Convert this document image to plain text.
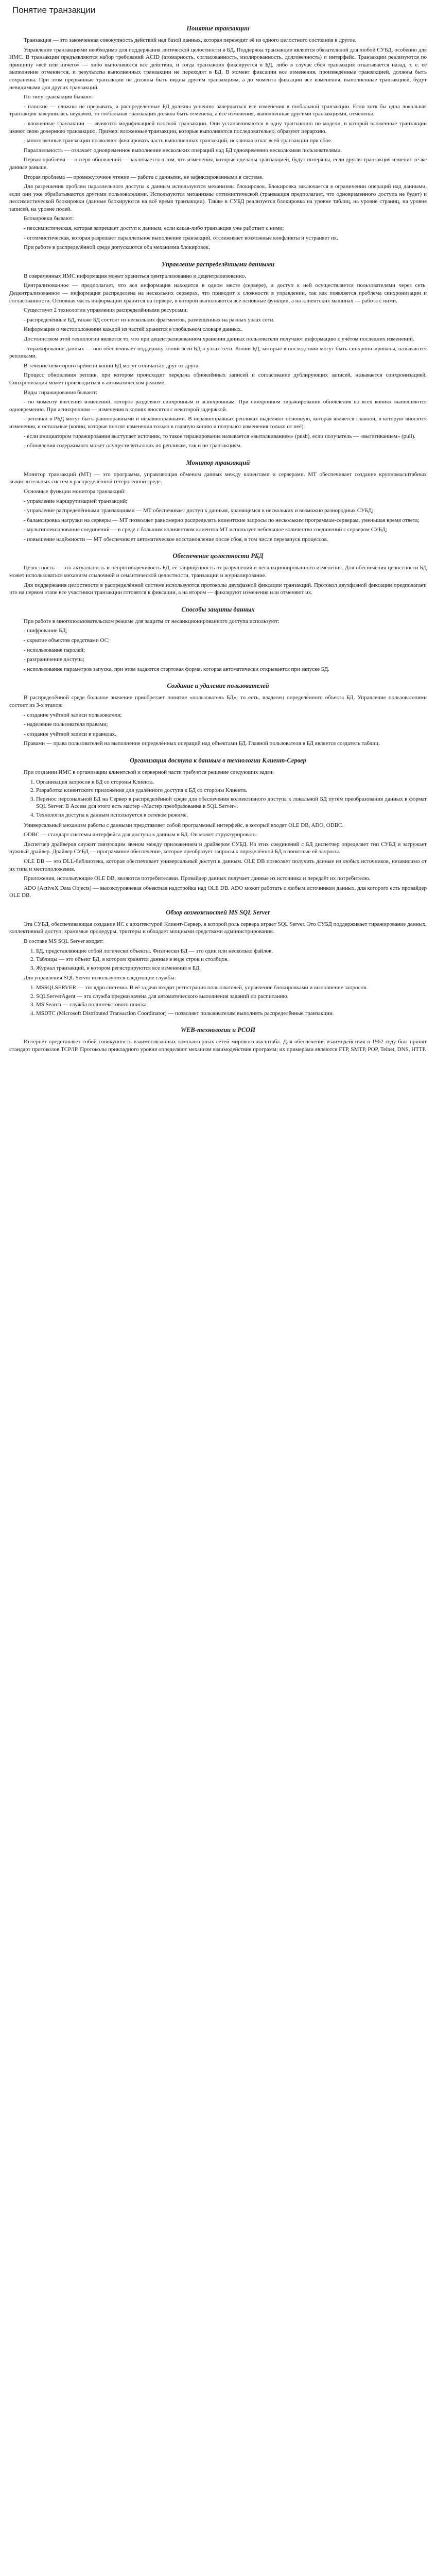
Понятие транзакции
Понятие транзакции

Транзакция — это законченная совокупность действий над базой данных, которая переводит её из одного целостного состояния в другое.

Управление транзакциями необходимо для поддержания логической целостности в БД. Поддержка транзакции является обязательной для любой СУБД, особенно для ИМС. В транзакции предъявляются набор требований ACID (атомарность, согласованность, изолированность, долговечность) и интерфейс. Транзакции реализуются по принципу «всё или ничего» — либо выполняются все действия, и тогда транзакция фиксируется в БД, либо в случае сбоя транзакция откатывается назад, т. е. её выполнение отменяется, и результаты выполненных транзакции не переходят в БД. В момент фиксации все изменения, произведённые транзакцией, должны быть сохранены. При этом прерванные транзакции не должны быть видны другим транзакциям, а до момента фиксации все изменения, выполненные транзакцией, будут невидимыми для других транзакций.

По типу транзакции бывают:

- плоские — сложны не прерывать, а распределённые БД должны успешно завершаться все изменения в глобальной транзакции. Если хотя бы одна локальная транзакция завершилась неудачей, то глобальная транзакция должна быть отменена, а все изменения, выполненные другими транзакциями, отменены.

- вложенные транзакции — являются модификацией плоской транзакции. Они устанавливаются в одну транзакцию по модели, в которой вложенные транзакции имеют свою дочернюю транзакцию. Пример: вложенные транзакции, которые выполняются последовательно, образуют иерархию.

- многозвенные транзакции позволяют фиксировать часть выполненных транзакций, исключая откат всей транзакции при сбое.

Параллельность — означает одновременное выполнение нескольких операций над БД одновременно несколькими пользователями.

Первая проблема — потеря обновлений — заключается в том, что изменения, которые сделаны транзакцией, будут потеряны, если другая транзакция изменит те же данные раньше.

Вторая проблема — промежуточное чтение — работа с данными, не зафиксированными в системе.

Для разрешения проблем параллельного доступа к данным используются механизмы блокировок. Блокировка заключается в ограничении операций над данными, если они уже обрабатываются другими пользователями. Используются механизмы оптимистической (транзакция предполагает, что одновременного доступа не будет) и пессимистической блокировки (данные блокируются на всё время транзакции). Также в СУБД реализуется блокировка на уровне таблиц, на уровне страниц, на уровне записей, на уровне полей.

Блокировки бывают:

- пессимистическая, которая запрещает доступ к данным, если какая-либо транзакция уже работает с ними;

- оптимистическая, которая разрешает параллельное выполнение транзакций, отслеживает возможные конфликты и устраняет их.

При работе в распределённой среде допускаются оба механизма блокировок.

Управление распределёнными данными

В современных ИМС информация может храниться централизованно и децентрализованно.

Централизованное — предполагает, что вся информация находится в одном месте (сервере), и доступ к ней осуществляется пользователями через сеть. Децентрализованное — информация распределена на нескольких серверах, что приводит к сложности в управлении, так как появляется проблема синхронизации и согласованности. Основная часть информации хранится на сервере, в которой выполняются все основные функции, а на клиентских машинах — работа с ними.

Существует 2 технологии управления распределёнными ресурсами:

- распределённые БД, также БД состоят из нескольких фрагментов, размещённых на разных узлах сети.

Информация о местоположении каждой из частей хранится в глобальном словаре данных.

Достоинством этой технологии является то, что при децентрализованном хранении данных пользователи получают информацию с учётом последних изменений.

- тиражирование данных — оно обеспечивает поддержку копий всей БД в узлах сети. Копии БД, которые в последствии могут быть синхронизированы, называются репликами.

В течение некоторого времени копии БД могут отличаться друг от друга.

Процесс обновления реплик, при котором происходит передача обновлённых записей и согласование дублирующих записей, называется синхронизацией. Синхронизация может производиться в автоматическом режиме.

Виды тиражирования бывают:

- по моменту внесения изменений, которое разделяют синхронным и асинхронным. При синхронном тиражировании обновления во всех копиях выполняются одновременно. При асинхронном — изменения в копиях вносятся с некоторой задержкой.

- реплики в РБД могут быть равноправными и неравноправными. В неравноправных репликах выделяют основную, которая является главной, в которую вносятся изменения, и остальные (копии, которые вносят изменения только в главную копию и получают изменения только от неё).

- если инициатором тиражирования выступает источник, то такое тиражирование называется «выталкиванием» (push), если получатель — «вытягиванием» (pull).

- обновления содержимого может осуществляться как по репликам, так и по транзакциям.

Монитор транзакций

Монитор транзакций (МТ) — это программа, управляющая обменом данных между клиентами и серверами. МТ обеспечивает создание крупномасштабных вычислительных систем в распределённой гетерогенной среде.

Основные функции монитора транзакций:

- управление маршрутизацией транзакций;

- управление распределёнными транзакциями — МТ обеспечивает доступ к данным, хранящимся в нескольких и возможно разнородных СУБД;

- балансировка нагрузки на серверы — МТ позволяет равномерно распределять клиентские запросы по нескольким программам-серверам, уменьшая время ответа;

- мультиплексирование соединений — в среде с большим количеством клиентов МТ использует небольшое количество соединений с сервером СУБД;

- повышение надёжности — МТ обеспечивает автоматическое восстановление после сбоя, в том числе перезапуск процессов.

Обеспечение целостности РБД

Целостность — это актуальность и непротиворечивость БД, её защищённость от разрушения и несанкционированного изменения. Для обеспечения целостности БД может использоваться механизм ссылочной и семантической целостности, транзакции и журналирование.

Для поддержания целостности в распределённой системе используются протоколы двухфазной фиксации транзакций. Протокол двухфазной фиксации предполагает, что на первом этапе все участники транзакции готовятся к фиксации, а на втором — фиксируют изменения или отменяют их.

Способы защиты данных

При работе в многопользовательском режиме для защиты от несанкционированного доступа используют:

- шифрование БД;

- скрытие объектов средствами ОС;

- использование паролей;

- разграничение доступа;

- использование параметров запуска, при этом задаются стартовая форма, которая автоматически открывается при запуске БД.

Создание и удаление пользователей

В распределённой среде большое значение приобретает понятие «пользователь БД», то есть, владелец определённого объекта БД. Управление пользователями состоит из 3-х этапов:

- создание учётной записи пользователя;

- наделение пользователя правами;

- создание учётной записи в правилах.

Правами — права пользователей на выполнение определённых операций над объектами БД. Главной пользователя в БД является создатель таблиц.

Организация доступа к данным в технологии Клиент-Сервер

При создании ИМС в организации клиентской и серверной части требуется решение следующих задач:

1. Организация запросов к БД со стороны Клиента.
2. Разработка клиентского приложения для удалённого доступа к БД со стороны Клиента.
3. Перенос персональной БД на Сервер в распределённой среде для обеспечения коллективного доступа к локальной БД путём преобразования данных в формат SQL Server. В Access для этого есть мастер «Мастер преобразования в SQL Server».
4. Технология доступа к данным используется в сетевом режиме.

Универсальный механизм работы с данными представляет собой программный интерфейс, в который входят OLE DB, ADO, ODBC.

ODBC — стандарт системы интерфейса для доступа к данным в БД. Он может структурировать.

Диспетчер драйверов служит связующим звеном между приложением и драйвером СУБД. Из этих соединений с БД диспетчер определяет тип СУБД и загружает нужный драйвер. Драйвер СУБД — программное обеспечение, которое преобразует запросы к определённой БД в понятные ей запросы.

OLE DB — это DLL-библиотека, которая обеспечивает универсальный доступ к данным. OLE DB позволяет получить данные из любых источников, независимо от их типа и местоположения.

Приложения, использующие OLE DB, являются потребителями. Провайдер данных получает данные из источника и передаёт их потребителю.

ADO (ActiveX Data Objects) — высокоуровневая объектная надстройка над OLE DB. ADO может работать с любым источником данных, для которого есть провайдер OLE DB.

Обзор возможностей MS SQL Server

Эта СУБД, обеспечивающая создание ИС с архитектурой Клиент-Сервер, в которой роль сервера играет SQL Server. Это СУБД поддерживает тиражирование данных, коллективный доступ, хранимые процедуры, триггеры и обладает мощными средствами администрирования.

В составе MS SQL Server входят:

1. БД, представляющие собой логически объекты. Физически БД — это один или несколько файлов.
2. Таблицы — это объект БД, в котором хранятся данные в виде строк и столбцов.
3. Журнал транзакций, в котором регистрируются все изменения в БД.

Для управления SQL Server используются следующие службы:

1. MSSQLSERVER — это ядро системы. В её задачи входит регистрация пользователей, управление блокировками и выполнение запросов.
2. SQLServerAgent — эта служба предназначена для автоматического выполнения заданий по расписанию.
3. MS Search — служба полнотекстового поиска.
4. MSDTC (Microsoft Distributed Transaction Coordinator) — позволяет пользователям выполнять распределённые транзакции.
WEB-технологии и РСОИ

Интернет представляет собой совокупность взаимосвязанных компьютерных сетей мирового масштаба. Для обеспечения взаимодействия в 1962 году был принят стандарт протоколов TCP/IP. Протоколы прикладного уровня определяют механизм взаимодействия программ; их примерами являются FTP, SMTP, POP, Telnet, DNS, HTTP.
